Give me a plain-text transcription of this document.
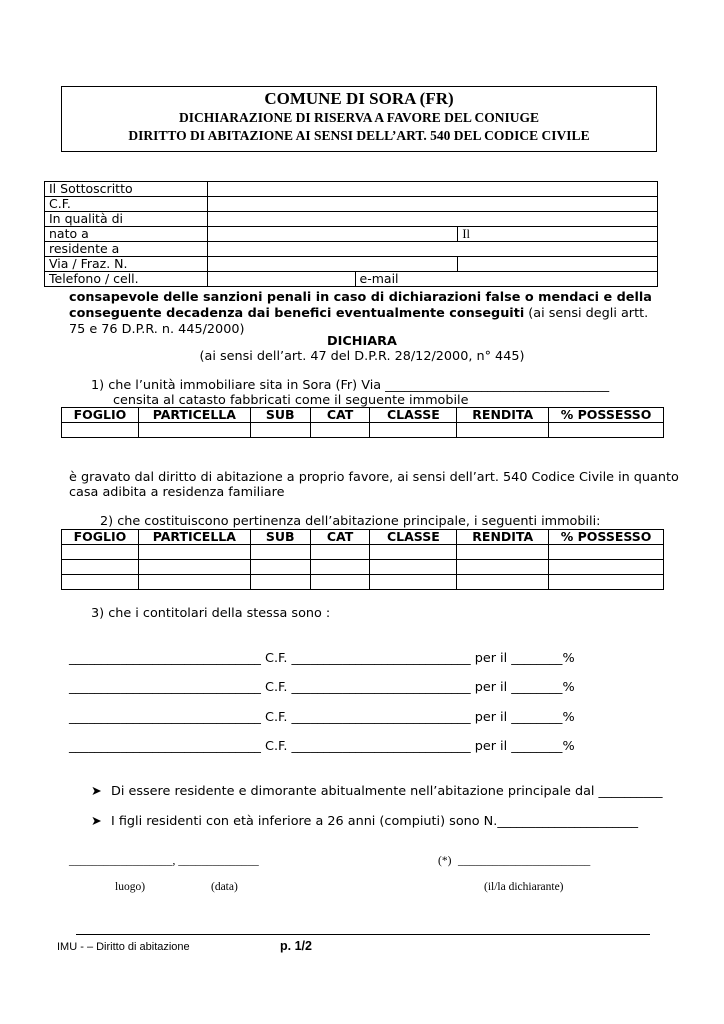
COMUNE DI SORA (FR)
DICHIARAZIONE DI RISERVA A FAVORE DEL CONIUGE
DIRITTO DI ABITAZIONE AI SENSI DELL’ART. 540 DEL CODICE CIVILE
Il Sottoscritto			
C.F.			
In qualità di			
nato a			Il
residente a			
Via / Fraz. N.			
Telefono / cell.		e-mail	
consapevole delle sanzioni penali in caso di dichiarazioni false o mendaci e della conseguente decadenza dai benefici eventualmente conseguiti (ai sensi degli artt. 75 e 76 D.P.R. n. 445/2000)
DICHIARA
(ai sensi dell’art. 47 del D.P.R. 28/12/2000, n° 445)
1) che l’unità immobiliare sita in Sora (Fr) Via ___________________________________
censita al catasto fabbricati come il seguente immobile
FOGLIO	PARTICELLA	SUB	CAT	CLASSE	RENDITA	% POSSESSO

è gravato dal diritto di abitazione a proprio favore, ai sensi dell’art. 540 Codice Civile in quanto
casa adibita a residenza familiare
2) che costituiscono pertinenza dell’abitazione principale, i seguenti immobili:
FOGLIO	PARTICELLA	SUB	CAT	CLASSE	RENDITA	% POSSESSO

3) che i contitolari della stessa sono :
______________________________ C.F. ____________________________ per il ________%
______________________________ C.F. ____________________________ per il ________%
______________________________ C.F. ____________________________ per il ________%
______________________________ C.F. ____________________________ per il ________%
➤ Di essere residente e dimorante abitualmente nell’abitazione principale dal __________
➤ I figli residenti con età inferiore a 26 anni (compiuti) sono N.______________________
__________________, ______________	(*) _______________________
luogo)	(data)	(il/la dichiarante)
IMU - – Diritto di abitazione	p. 1/2
